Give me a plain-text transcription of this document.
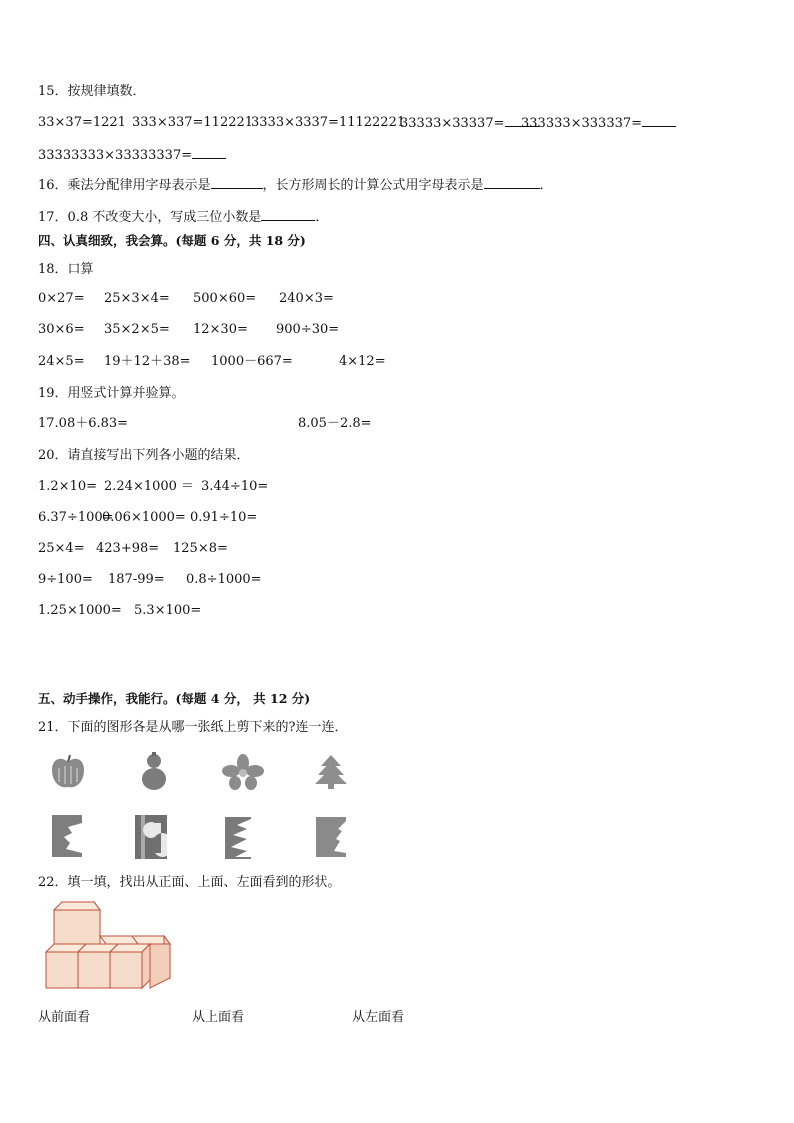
15．按规律填数．
33×37=1221 333×337=112221
3333×3337=11122221
33333×33337=	333333×333337=
33333333×33333337=
16．乘法分配律用字母表示是	，长方形周长的计算公式用字母表示是	．
17．0.8 不改变大小，写成三位小数是	．
四、认真细致，我会算。(每题 6 分，共 18 分)
18．口算
0×27= 25×3×4= 500×60= 240×3=
30×6= 35×2×5= 12×30= 900÷30=
24×5= 19＋12＋38= 1000－667=	4×12=
19．用竖式计算并验算。
17.08＋6.83=	8.05－2.8=
20．请直接写出下列各小题的结果．
1.2×10= 2.24×1000 ＝ 3.44÷10=
6.37÷100=
0.06×1000= 0.91÷10=
25×4= 423+98= 125×8=
9÷100= 187-99= 0.8÷1000=
1.25×1000= 5.3×100=
五、动手操作，我能行。(每题 4 分， 共 12 分)
21．下面的图形各是从哪一张纸上剪下来的?连一连．
22．填一填，找出从正面、上面、左面看到的形状。
从前面看	从上面看	从左面看
